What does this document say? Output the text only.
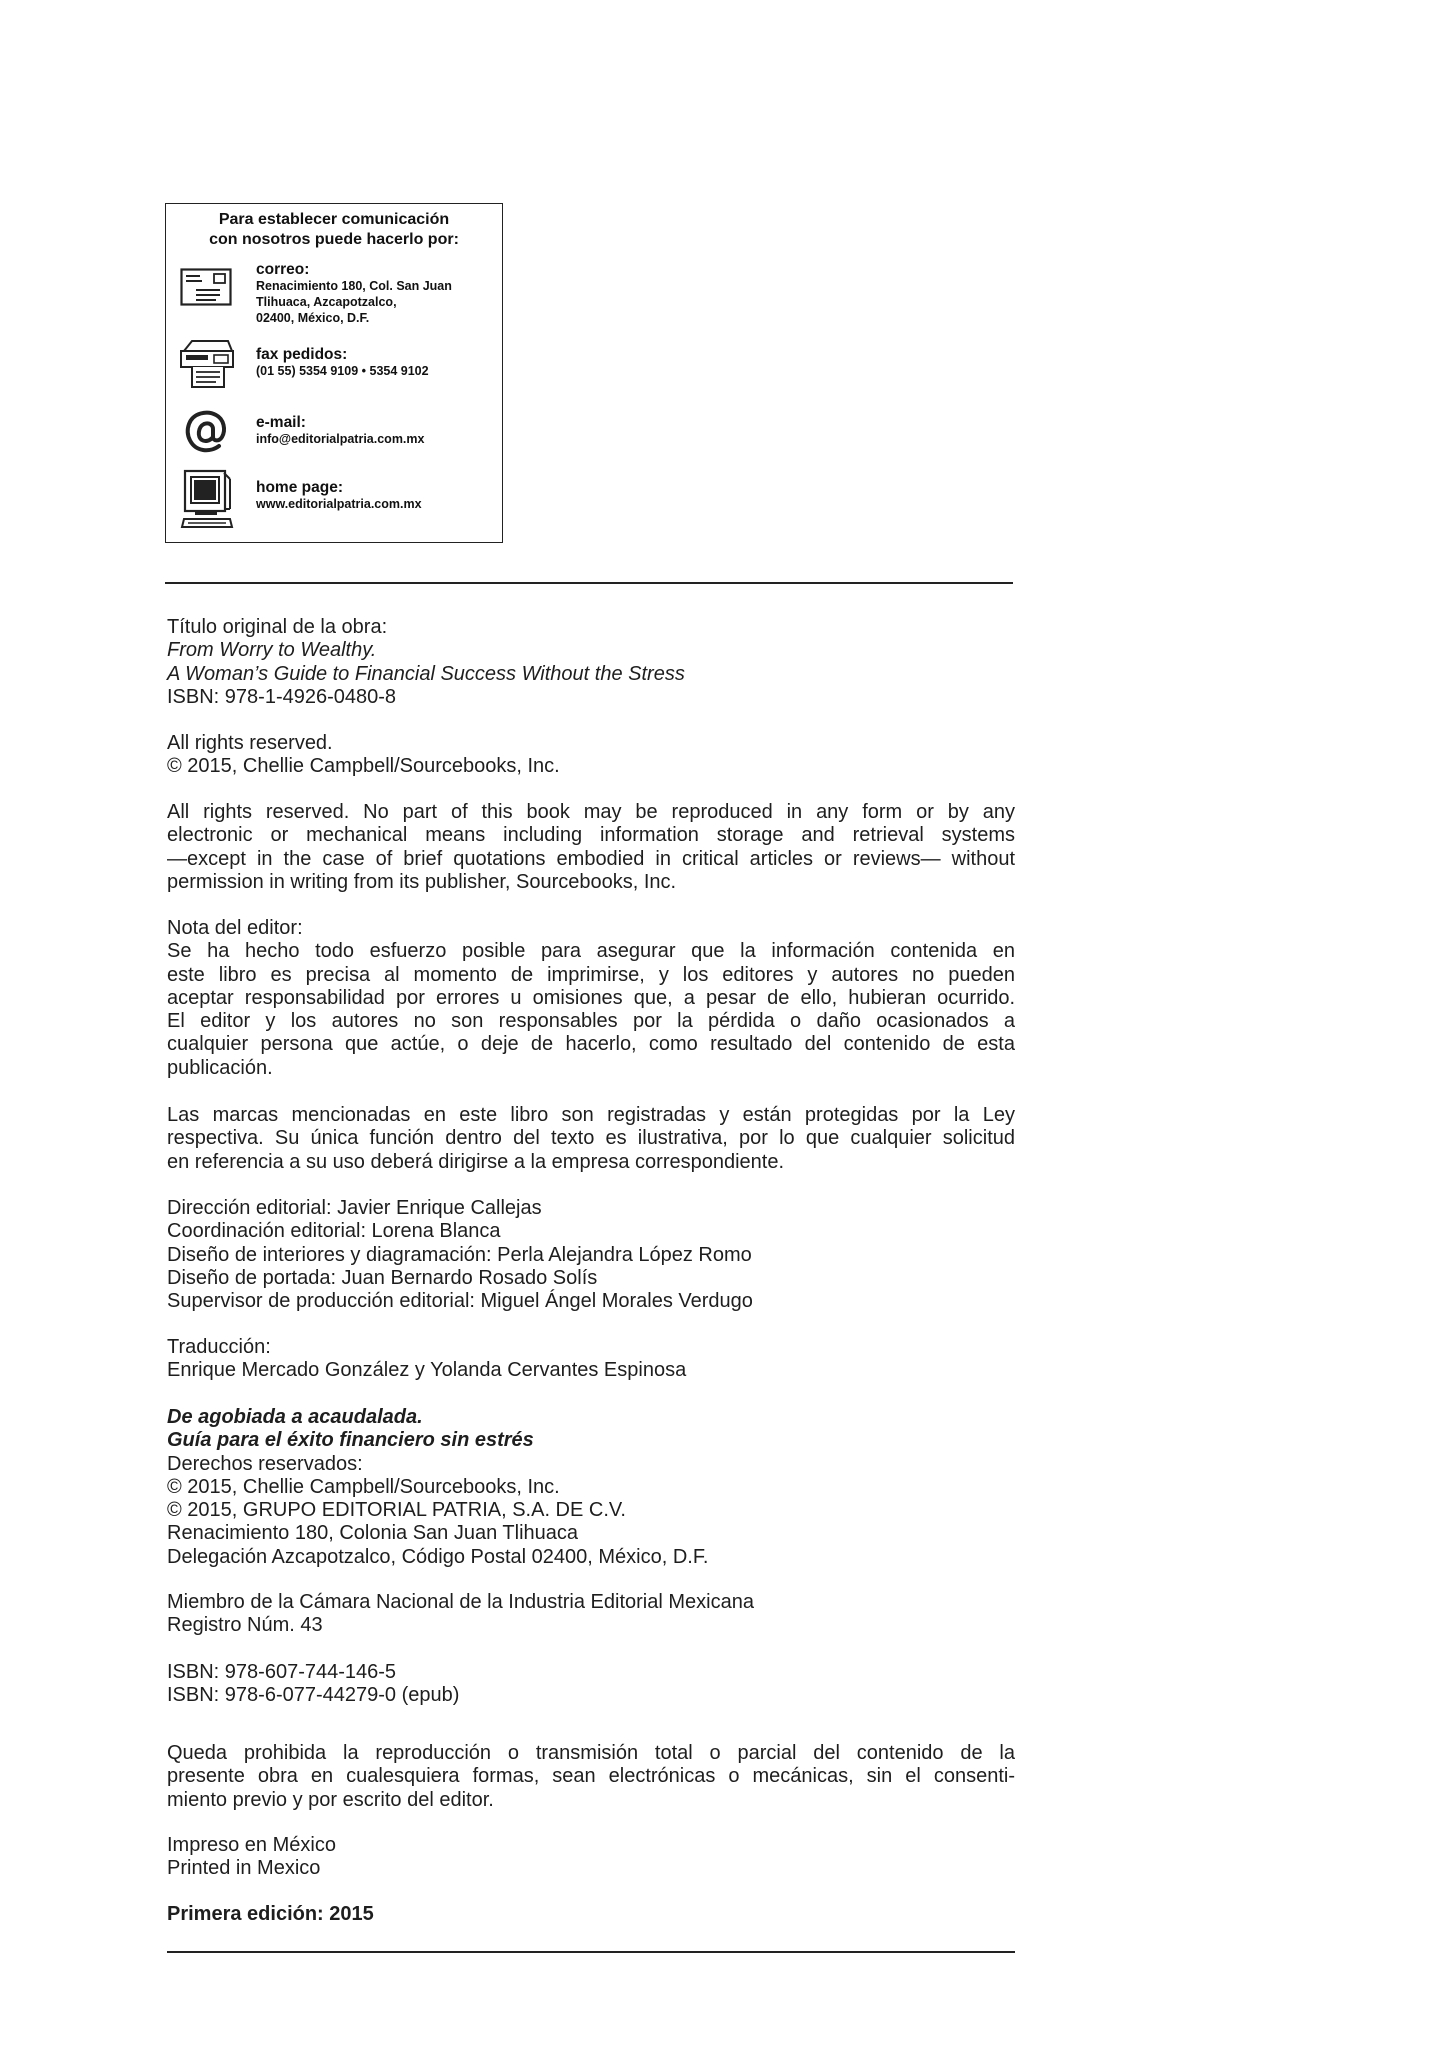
Para establecer comunicación
con nosotros puede hacerlo por:
correo:
Renacimiento 180, Col. San Juan
Tlihuaca, Azcapotzalco,
02400, México, D.F.
fax pedidos:
(01 55) 5354 9109 • 5354 9102
e-mail:
info@editorialpatria.com.mx
home page:
www.editorialpatria.com.mx
Título original de la obra:
From Worry to Wealthy.
A Woman’s Guide to Financial Success Without the Stress
ISBN: 978-1-4926-0480-8
All rights reserved.
© 2015, Chellie Campbell/Sourcebooks, Inc.
All rights reserved. No part of this book may be reproduced in any form or by any
electronic or mechanical means including information storage and retrieval systems
—except in the case of brief quotations embodied in critical articles or reviews— without
permission in writing from its publisher, Sourcebooks, Inc.
Nota del editor:
Se ha hecho todo esfuerzo posible para asegurar que la información contenida en
este libro es precisa al momento de imprimirse, y los editores y autores no pueden
aceptar responsabilidad por errores u omisiones que, a pesar de ello, hubieran ocurrido.
El editor y los autores no son responsables por la pérdida o daño ocasionados a
cualquier persona que actúe, o deje de hacerlo, como resultado del contenido de esta
publicación.
Las marcas mencionadas en este libro son registradas y están protegidas por la Ley
respectiva. Su única función dentro del texto es ilustrativa, por lo que cualquier solicitud
en referencia a su uso deberá dirigirse a la empresa correspondiente.
Dirección editorial: Javier Enrique Callejas
Coordinación editorial: Lorena Blanca
Diseño de interiores y diagramación: Perla Alejandra López Romo
Diseño de portada: Juan Bernardo Rosado Solís
Supervisor de producción editorial: Miguel Ángel Morales Verdugo
Traducción:
Enrique Mercado González y Yolanda Cervantes Espinosa
De agobiada a acaudalada.
Guía para el éxito financiero sin estrés
Derechos reservados:
© 2015, Chellie Campbell/Sourcebooks, Inc.
© 2015, GRUPO EDITORIAL PATRIA, S.A. DE C.V.
Renacimiento 180, Colonia San Juan Tlihuaca
Delegación Azcapotzalco, Código Postal 02400, México, D.F.
Miembro de la Cámara Nacional de la Industria Editorial Mexicana
Registro Núm. 43
ISBN: 978-607-744-146-5
ISBN: 978-6-077-44279-0 (epub)
Queda prohibida la reproducción o transmisión total o parcial del contenido de la
presente obra en cualesquiera formas, sean electrónicas o mecánicas, sin el consenti-
miento previo y por escrito del editor.
Impreso en México
Printed in Mexico
Primera edición: 2015
